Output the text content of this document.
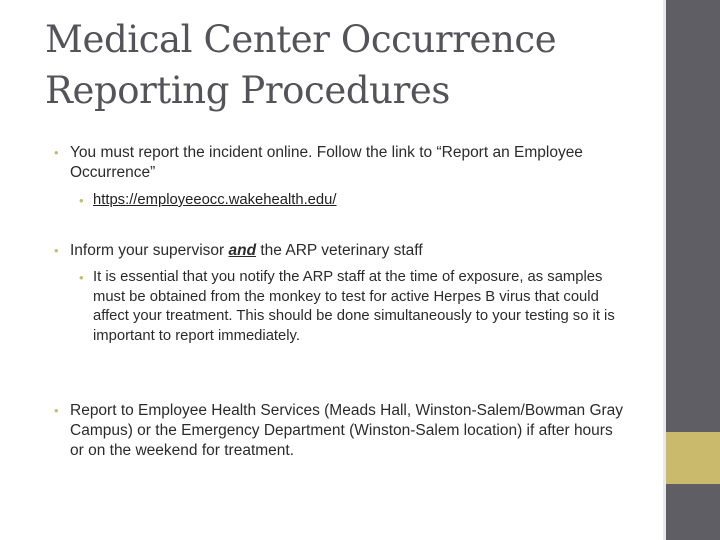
Medical Center Occurrence
Reporting Procedures
• You must report the incident online. Follow the link to “Report an Employee Occurrence”
• https://employeeocc.wakehealth.edu/
• Inform your supervisor and the ARP veterinary staff
• It is essential that you notify the ARP staff at the time of exposure, as samples must be obtained from the monkey to test for active Herpes B virus that could affect your treatment. This should be done simultaneously to your testing so it is important to report immediately.
• Report to Employee Health Services (Meads Hall, Winston-Salem/Bowman Gray Campus) or the Emergency Department (Winston-Salem location) if after hours or on the weekend for treatment.
